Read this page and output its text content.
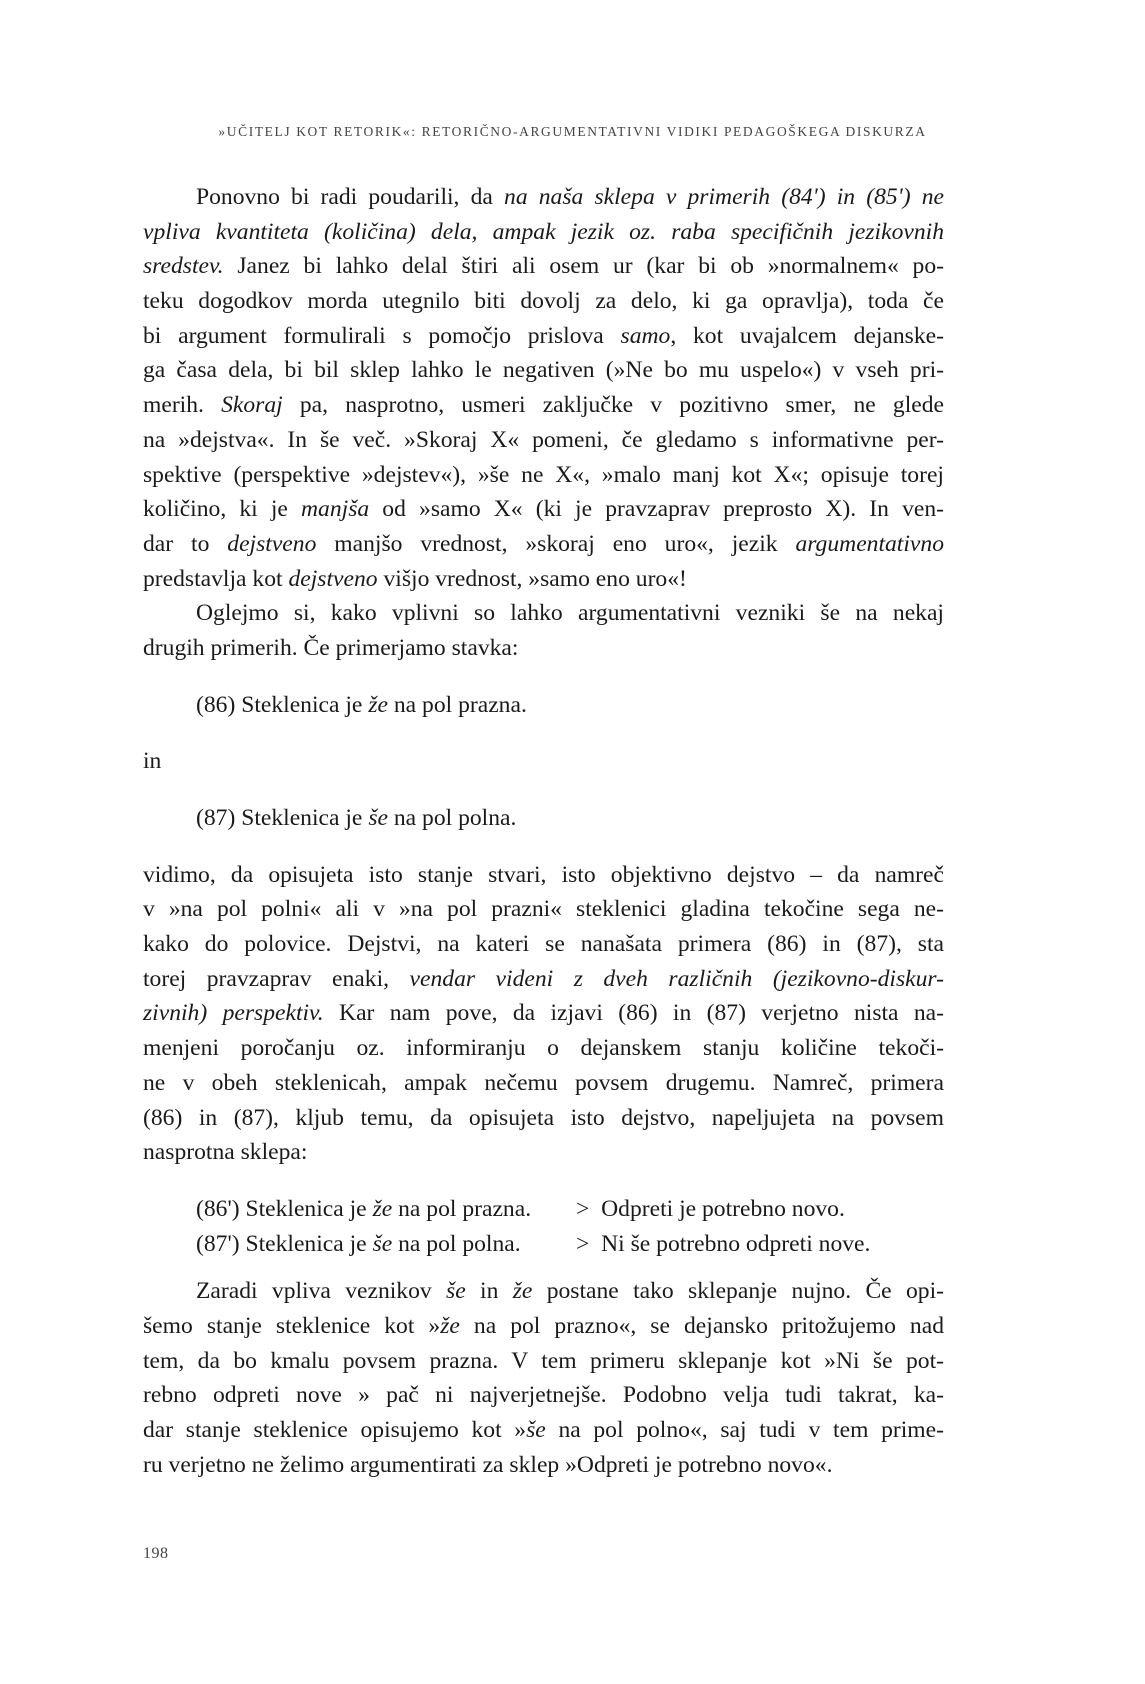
»UČITELJ KOT RETORIK«: RETORIČNO-ARGUMENTATIVNI VIDIKI PEDAGOŠKEGA DISKURZA
Ponovno bi radi poudarili, da na naša sklepa v primerih (84') in (85') ne
vpliva kvantiteta (količina) dela, ampak jezik oz. raba specifičnih jezikovnih
sredstev. Janez bi lahko delal štiri ali osem ur (kar bi ob »normalnem« po-
teku dogodkov morda utegnilo biti dovolj za delo, ki ga opravlja), toda če
bi argument formulirali s pomočjo prislova samo, kot uvajalcem dejanske-
ga časa dela, bi bil sklep lahko le negativen (»Ne bo mu uspelo«) v vseh pri-
merih. Skoraj pa, nasprotno, usmeri zaključke v pozitivno smer, ne glede
na »dejstva«. In še več. »Skoraj X« pomeni, če gledamo s informativne per-
spektive (perspektive »dejstev«), »še ne X«, »malo manj kot X«; opisuje torej
količino, ki je manjša od »samo X« (ki je pravzaprav preprosto X). In ven-
dar to dejstveno manjšo vrednost, »skoraj eno uro«, jezik argumentativno
predstavlja kot dejstveno višjo vrednost, »samo eno uro«!
Oglejmo si, kako vplivni so lahko argumentativni vezniki še na nekaj
drugih primerih. Če primerjamo stavka:
(86) Steklenica je že na pol prazna.
in
(87) Steklenica je še na pol polna.
vidimo, da opisujeta isto stanje stvari, isto objektivno dejstvo – da namreč
v »na pol polni« ali v »na pol prazni« steklenici gladina tekočine sega ne-
kako do polovice. Dejstvi, na kateri se nanašata primera (86) in (87), sta
torej pravzaprav enaki, vendar videni z dveh različnih (jezikovno-diskur-
zivnih) perspektiv. Kar nam pove, da izjavi (86) in (87) verjetno nista na-
menjeni poročanju oz. informiranju o dejanskem stanju količine tekoči-
ne v obeh steklenicah, ampak nečemu povsem drugemu. Namreč, primera
(86) in (87), kljub temu, da opisujeta isto dejstvo, napeljujeta na povsem
nasprotna sklepa:
(86') Steklenica je že na pol prazna.	>
Odpreti je potrebno novo.
(87') Steklenica je še na pol polna.	>
Ni še potrebno odpreti nove.
Zaradi vpliva veznikov še in že postane tako sklepanje nujno. Če opi-
šemo stanje steklenice kot »že na pol prazno«, se dejansko pritožujemo nad
tem, da bo kmalu povsem prazna. V tem primeru sklepanje kot »Ni še pot-
rebno odpreti nove » pač ni najverjetnejše. Podobno velja tudi takrat, ka-
dar stanje steklenice opisujemo kot »še na pol polno«, saj tudi v tem prime-
ru verjetno ne želimo argumentirati za sklep »Odpreti je potrebno novo«.
198
